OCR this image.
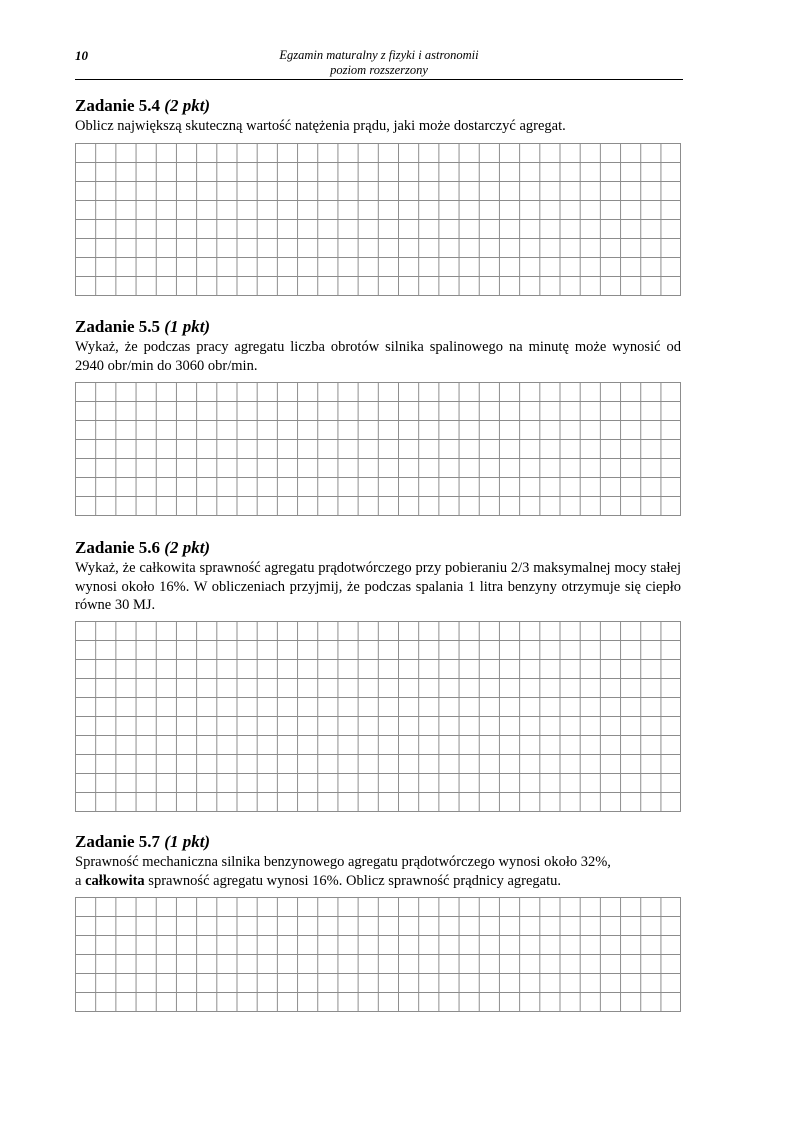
10	Egzamin maturalny z fizyki i astronomii
poziom rozszerzony
Zadanie 5.4 (2 pkt)
Oblicz największą skuteczną wartość natężenia prądu, jaki może dostarczyć agregat.
Zadanie 5.5 (1 pkt)
Wykaż, że podczas pracy agregatu liczba obrotów silnika spalinowego na minutę może wynosić od 2940 obr/min do 3060 obr/min.
Zadanie 5.6 (2 pkt)
Wykaż, że całkowita sprawność agregatu prądotwórczego przy pobieraniu 2/3 maksymalnej mocy stałej wynosi około 16%. W obliczeniach przyjmij, że podczas spalania 1 litra benzyny otrzymuje się ciepło równe 30 MJ.
Zadanie 5.7 (1 pkt)
Sprawność mechaniczna silnika benzynowego agregatu prądotwórczego wynosi około 32%,
a całkowita sprawność agregatu wynosi 16%. Oblicz sprawność prądnicy agregatu.
